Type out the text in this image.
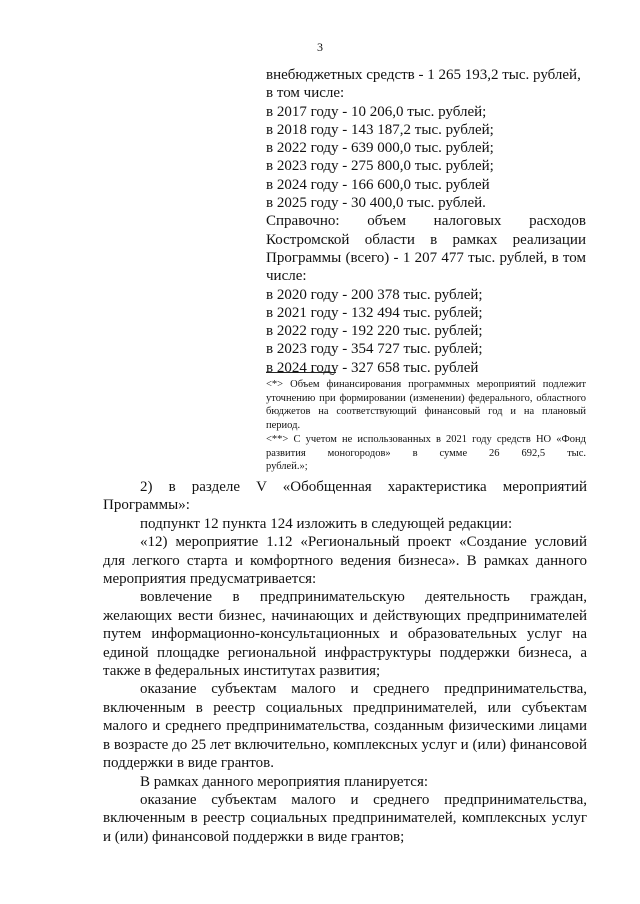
3
внебюджетных средств - 1 265 193,2 тыс. рублей,
в том числе:
в 2017 году - 10 206,0 тыс. рублей;
в 2018 году - 143 187,2 тыс. рублей;
в 2022 году - 639 000,0 тыс. рублей;
в 2023 году - 275 800,0 тыс. рублей;
в 2024 году - 166 600,0 тыс. рублей
в 2025 году - 30 400,0 тыс. рублей.
Справочно: объем налоговых расходов
Костромской области в рамках реализации
Программы (всего) - 1 207 477 тыс. рублей, в том
числе:
в 2020 году - 200 378 тыс. рублей;
в 2021 году - 132 494 тыс. рублей;
в 2022 году - 192 220 тыс. рублей;
в 2023 году - 354 727 тыс. рублей;
в 2024 году - 327 658 тыс. рублей
<*> Объем финансирования программных мероприятий подлежит уточнению при формировании (изменении) федерального, областного бюджетов на соответствующий финансовый год и на плановый период.
<**> С учетом не использованных в 2021 году средств НО «Фонд развития моногородов» в сумме 26 692,5 тыс.
рублей.»;
2) в разделе V «Обобщенная характеристика мероприятий
Программы»:
подпункт 12 пункта 124 изложить в следующей редакции:
«12) мероприятие 1.12 «Региональный проект «Создание условий для легкого старта и комфортного ведения бизнеса». В рамках данного мероприятия предусматривается:
вовлечение в предпринимательскую деятельность граждан, желающих вести бизнес, начинающих и действующих предпринимателей путем информационно-консультационных и образовательных услуг на единой площадке региональной инфраструктуры поддержки бизнеса, а также в федеральных институтах развития;
оказание субъектам малого и среднего предпринимательства, включенным в реестр социальных предпринимателей, или субъектам малого и среднего предпринимательства, созданным физическими лицами в возрасте до 25 лет включительно, комплексных услуг и (или) финансовой поддержки в виде грантов.
В рамках данного мероприятия планируется:
оказание субъектам малого и среднего предпринимательства, включенным в реестр социальных предпринимателей, комплексных услуг и (или) финансовой поддержки в виде грантов;
